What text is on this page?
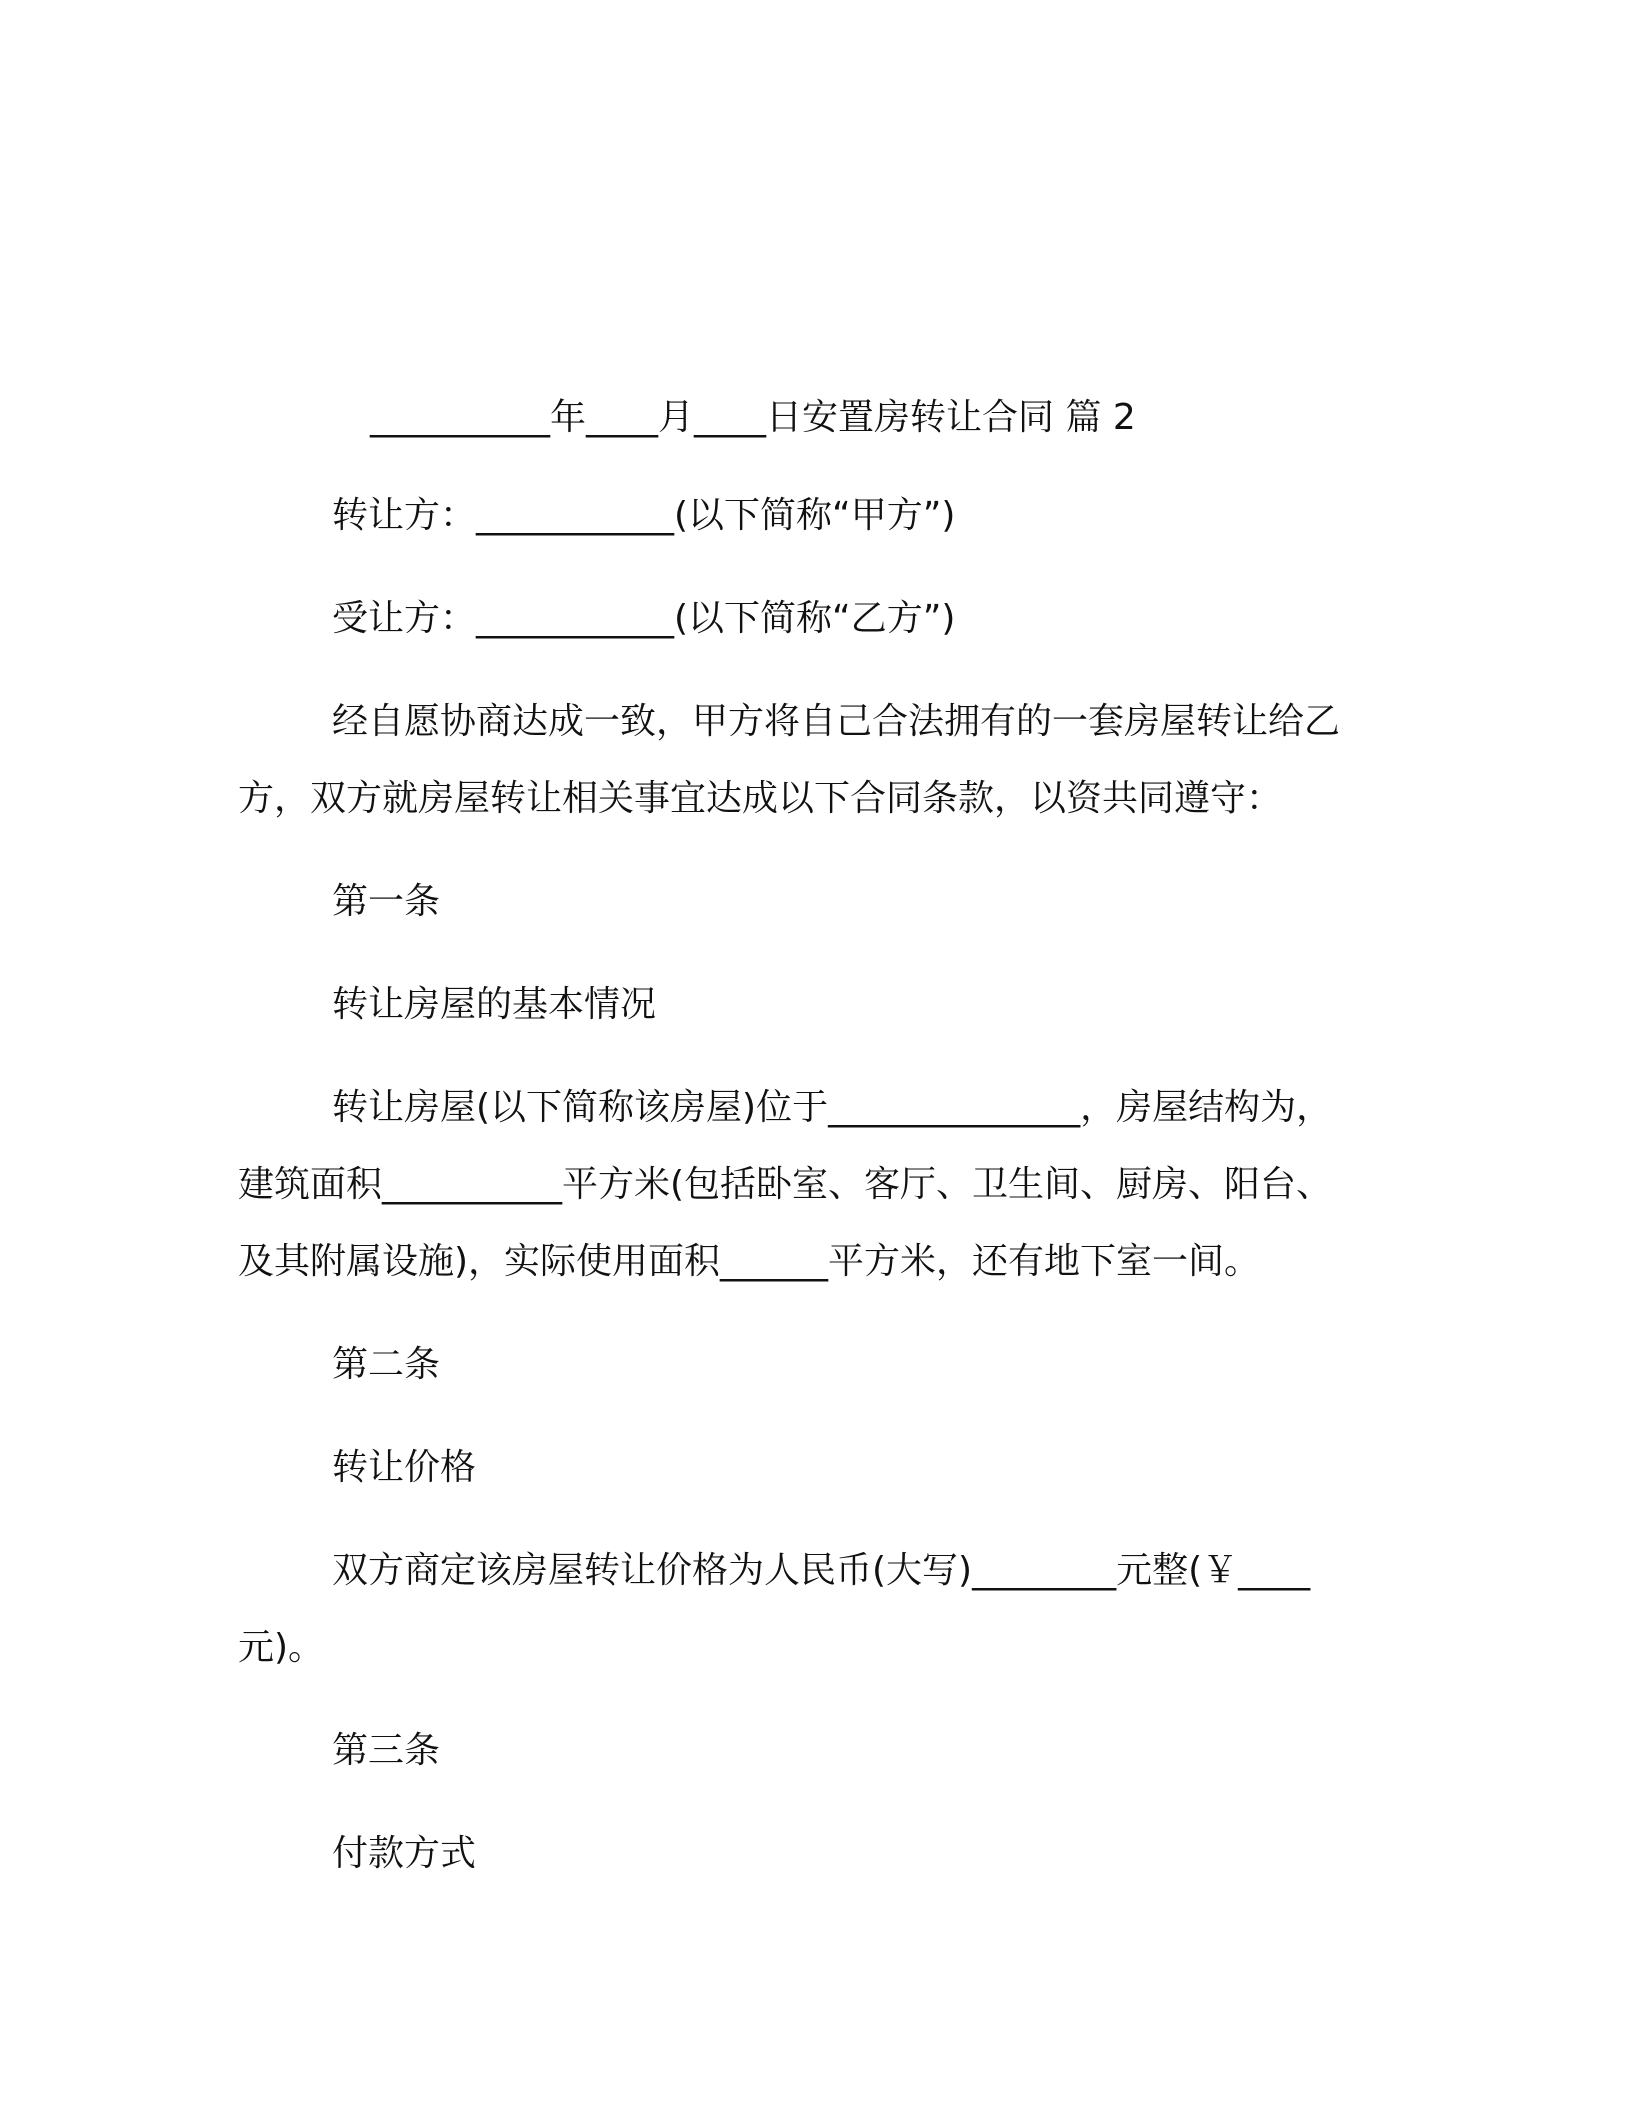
__________年____月____日安置房转让合同 篇 2
转让方：___________(以下简称“甲方”)
受让方：___________(以下简称“乙方”)
经自愿协商达成一致，甲方将自己合法拥有的一套房屋转让给乙
方，双方就房屋转让相关事宜达成以下合同条款，以资共同遵守：
第一条
转让房屋的基本情况
转让房屋(以下简称该房屋)位于______________，房屋结构为，
建筑面积__________平方米(包括卧室、客厅、卫生间、厨房、阳台、
及其附属设施)，实际使用面积______平方米，还有地下室一间。
第二条
转让价格
双方商定该房屋转让价格为人民币(大写)________元整(￥____
元)。
第三条
付款方式
